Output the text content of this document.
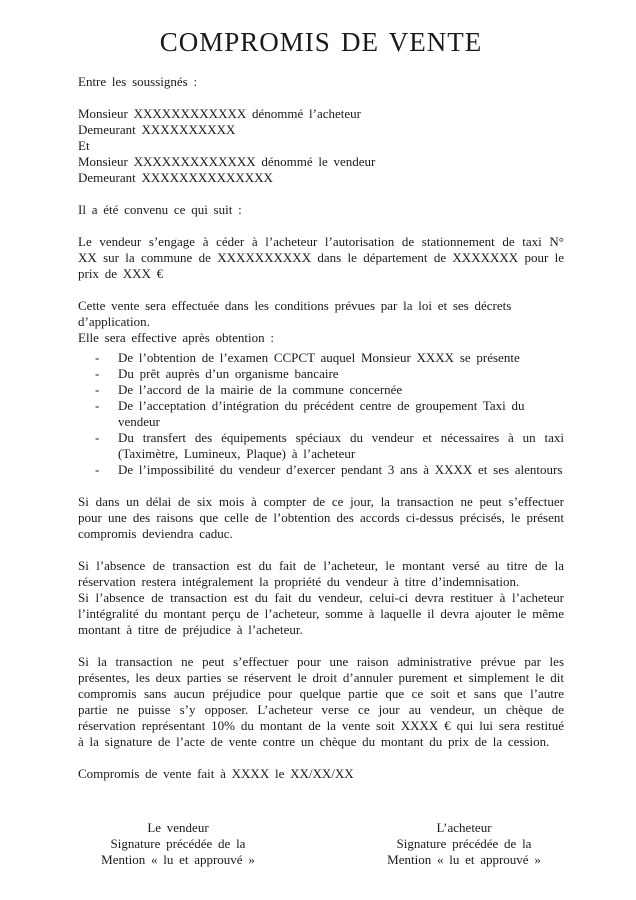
COMPROMIS DE VENTE

Entre les soussignés :

Monsieur XXXXXXXXXXXX dénommé l’acheteur

Demeurant XXXXXXXXXX

Et

Monsieur XXXXXXXXXXXXX dénommé le vendeur

Demeurant XXXXXXXXXXXXXX

Il a été convenu ce qui suit :

Le vendeur s’engage à céder à l’acheteur l’autorisation de stationnement de taxi N° XX sur la commune de XXXXXXXXXX dans le département de XXXXXXX pour le prix de XXX €

Cette vente sera effectuée dans les conditions prévues par la loi et ses décrets d’application.

Elle sera effective après obtention :

-	De l’obtention de l’examen CCPCT auquel Monsieur XXXX se présente
-	Du prêt auprès d’un organisme bancaire
-	De l’accord de la mairie de la commune concernée
-	De l’acceptation d’intégration du précédent centre de groupement Taxi du vendeur
-	Du transfert des équipements spéciaux du vendeur et nécessaires à un taxi (Taximètre, Lumineux, Plaque) à l’acheteur
-	De l’impossibilité du vendeur d’exercer pendant 3 ans à XXXX et ses alentours

Si dans un délai de six mois à compter de ce jour, la transaction ne peut s’effectuer pour une des raisons que celle de l’obtention des accords ci-dessus précisés, le présent compromis deviendra caduc.

Si l’absence de transaction est du fait de l’acheteur, le montant versé au titre de la réservation restera intégralement la propriété du vendeur à titre d’indemnisation.

Si l’absence de transaction est du fait du vendeur, celui-ci devra restituer à l’acheteur l’intégralité du montant perçu de l’acheteur, somme à laquelle il devra ajouter le même montant à titre de préjudice à l’acheteur.

Si la transaction ne peut s’effectuer pour une raison administrative prévue par les présentes, les deux parties se réservent le droit d’annuler purement et simplement le dit compromis sans aucun préjudice pour quelque partie que ce soit et sans que l’autre partie ne puisse s’y opposer. L’acheteur verse ce jour au vendeur, un chèque de réservation représentant 10% du montant de la vente soit XXXX € qui lui sera restitué à la signature de l’acte de vente contre un chèque du montant du prix de la cession.

Compromis de vente fait à XXXX le XX/XX/XX

Le vendeur

Signature précédée de la

Mention « lu et approuvé »

L’acheteur

Signature précédée de la

Mention « lu et approuvé »
